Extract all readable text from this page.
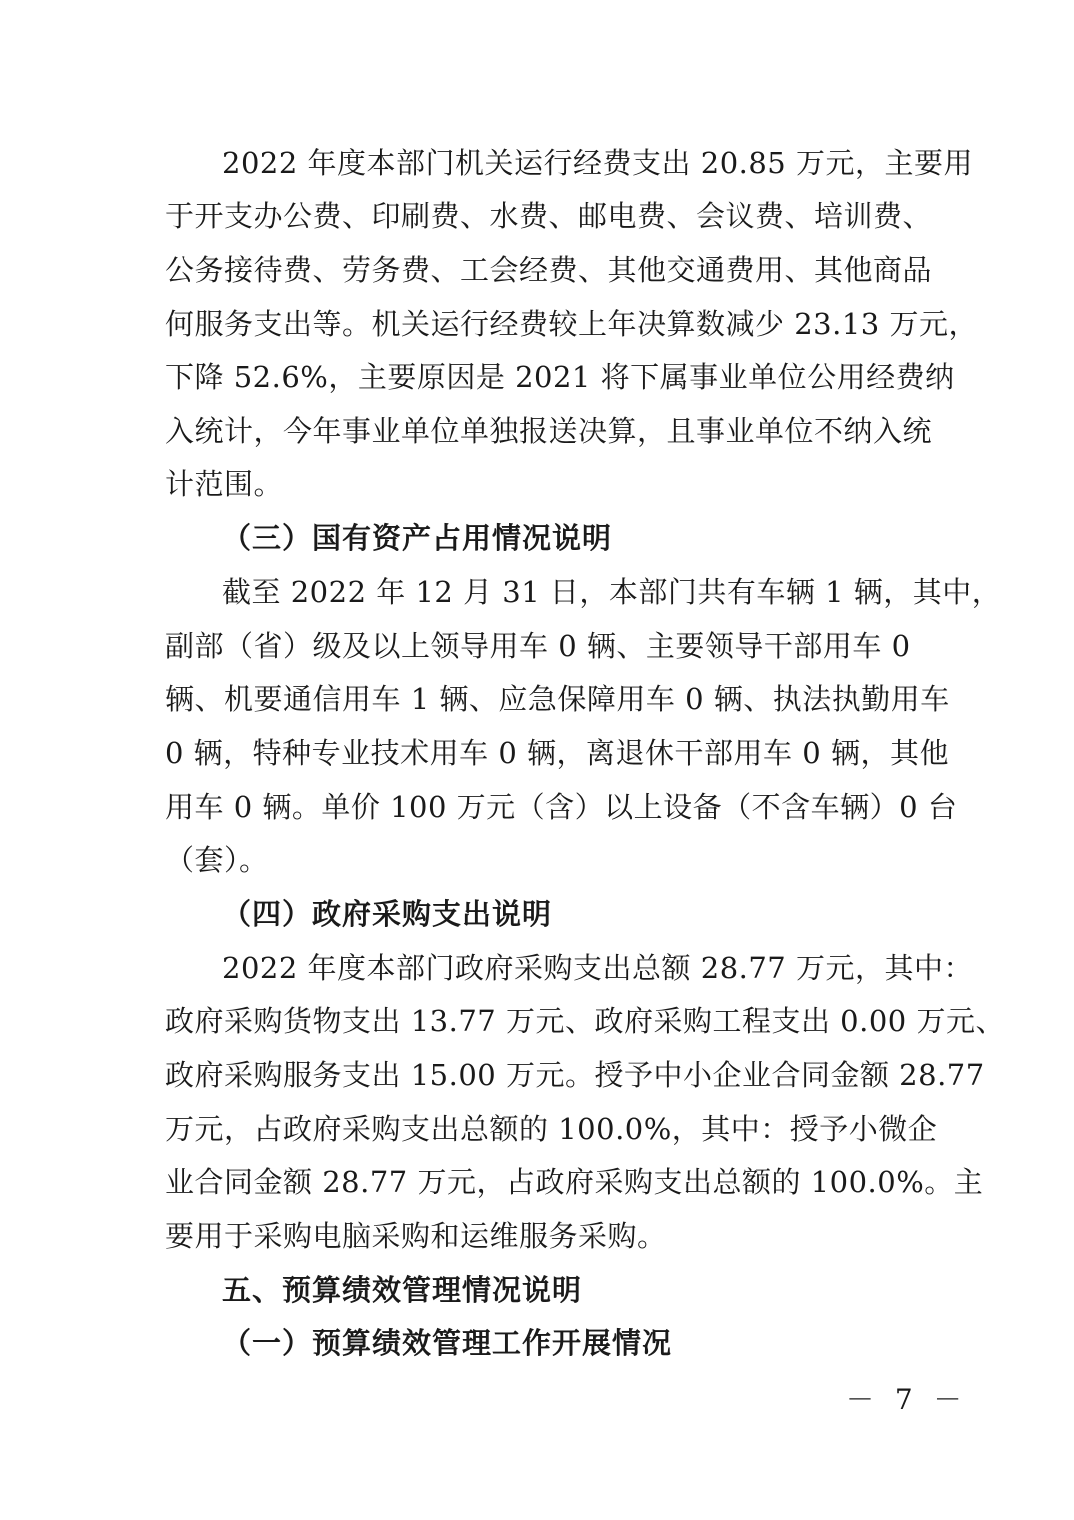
2022 年度本部门机关运行经费支出 20.85 万元，主要用
于开支办公费、印刷费、水费、邮电费、会议费、培训费、
公务接待费、劳务费、工会经费、其他交通费用、其他商品
何服务支出等。机关运行经费较上年决算数减少 23.13 万元，
下降 52.6%，主要原因是 2021 将下属事业单位公用经费纳
入统计，今年事业单位单独报送决算，且事业单位不纳入统
计范围。
（三）国有资产占用情况说明
截至 2022 年 12 月 31 日，本部门共有车辆 1 辆，其中，
副部（省）级及以上领导用车 0 辆、主要领导干部用车 0
辆、机要通信用车 1 辆、应急保障用车 0 辆、执法执勤用车
0 辆，特种专业技术用车 0 辆，离退休干部用车 0 辆，其他
用车 0 辆。单价 100 万元（含）以上设备（不含车辆）0 台
（套）。
（四）政府采购支出说明
2022 年度本部门政府采购支出总额 28.77 万元，其中：
政府采购货物支出 13.77 万元、政府采购工程支出 0.00 万元、
政府采购服务支出 15.00 万元。授予中小企业合同金额 28.77
万元，占政府采购支出总额的 100.0%，其中：授予小微企
业合同金额 28.77 万元，占政府采购支出总额的 100.0%。主
要用于采购电脑采购和运维服务采购。
五、预算绩效管理情况说明
（一）预算绩效管理工作开展情况
－ 7 －
